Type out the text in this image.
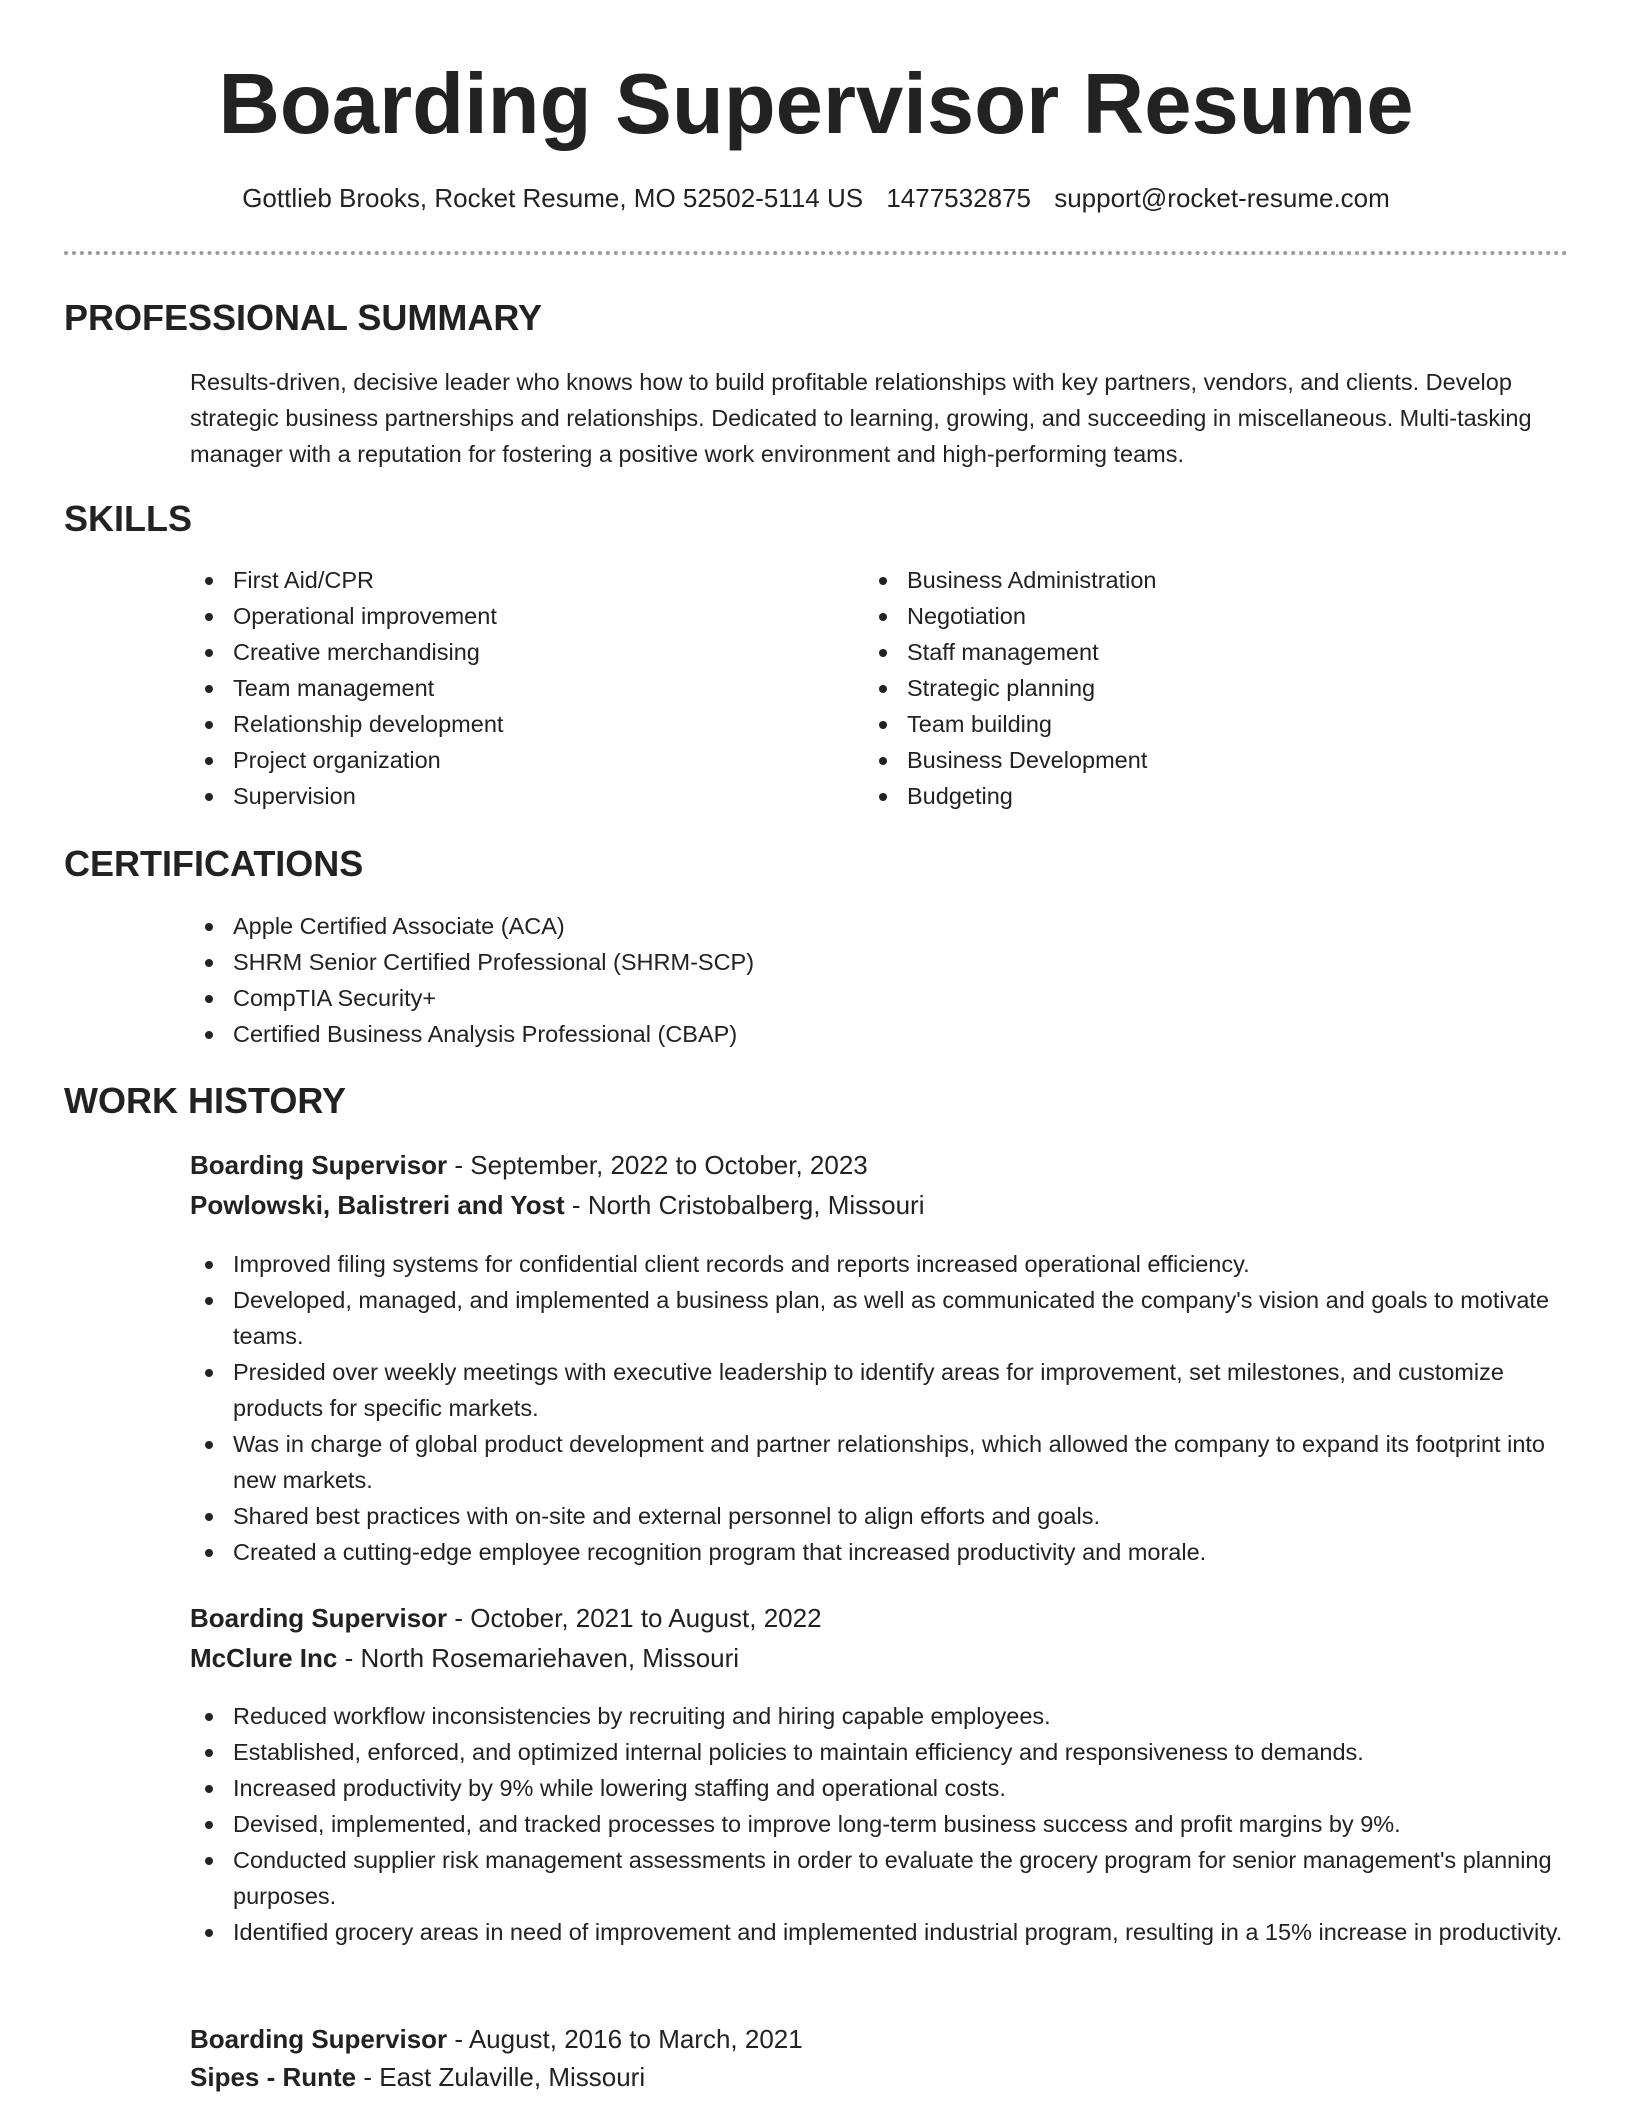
Boarding Supervisor Resume
Gottlieb Brooks, Rocket Resume, MO 52502-5114 US 1477532875 support@rocket-resume.com
PROFESSIONAL SUMMARY

Results-driven, decisive leader who knows how to build profitable relationships with key partners, vendors, and clients. Develop strategic business partnerships and relationships. Dedicated to learning, growing, and succeeding in miscellaneous. Multi-tasking manager with a reputation for fostering a positive work environment and high-performing teams.

SKILLS
First Aid/CPR
Operational improvement
Creative merchandising
Team management
Relationship development
Project organization
Supervision
Business Administration
Negotiation
Staff management
Strategic planning
Team building
Business Development
Budgeting
CERTIFICATIONS
Apple Certified Associate (ACA)
SHRM Senior Certified Professional (SHRM-SCP)
CompTIA Security+
Certified Business Analysis Professional (CBAP)
WORK HISTORY
Boarding Supervisor - September, 2022 to October, 2023
Powlowski, Balistreri and Yost - North Cristobalberg, Missouri
Improved filing systems for confidential client records and reports increased operational efficiency.
Developed, managed, and implemented a business plan, as well as communicated the company's vision and goals to motivate teams.
Presided over weekly meetings with executive leadership to identify areas for improvement, set milestones, and customize products for specific markets.
Was in charge of global product development and partner relationships, which allowed the company to expand its footprint into new markets.
Shared best practices with on-site and external personnel to align efforts and goals.
Created a cutting-edge employee recognition program that increased productivity and morale.
Boarding Supervisor - October, 2021 to August, 2022
McClure Inc - North Rosemariehaven, Missouri
Reduced workflow inconsistencies by recruiting and hiring capable employees.
Established, enforced, and optimized internal policies to maintain efficiency and responsiveness to demands.
Increased productivity by 9% while lowering staffing and operational costs.
Devised, implemented, and tracked processes to improve long-term business success and profit margins by 9%.
Conducted supplier risk management assessments in order to evaluate the grocery program for senior management's planning purposes.
Identified grocery areas in need of improvement and implemented industrial program, resulting in a 15% increase in productivity.
Boarding Supervisor - August, 2016 to March, 2021
Sipes - Runte - East Zulaville, Missouri
